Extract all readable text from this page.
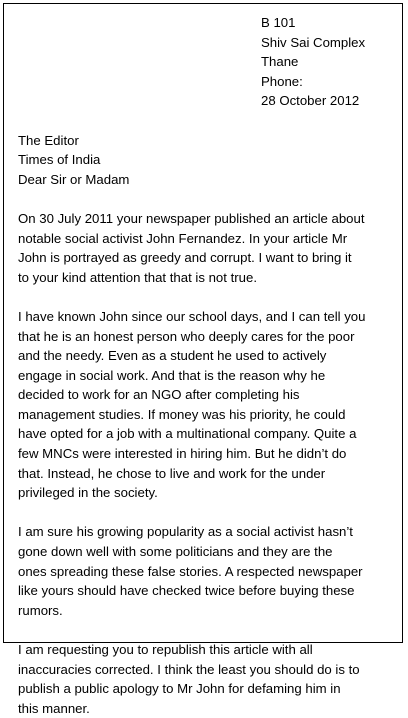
B 101
Shiv Sai Complex
Thane
Phone:
28 October 2012
The Editor
Times of India
Dear Sir or Madam

On 30 July 2011 your newspaper published an article about
notable social activist John Fernandez. In your article Mr
John is portrayed as greedy and corrupt. I want to bring it
to your kind attention that that is not true.

I have known John since our school days, and I can tell you
that he is an honest person who deeply cares for the poor
and the needy. Even as a student he used to actively
engage in social work. And that is the reason why he
decided to work for an NGO after completing his
management studies. If money was his priority, he could
have opted for a job with a multinational company. Quite a
few MNCs were interested in hiring him. But he didn’t do
that. Instead, he chose to live and work for the under
privileged in the society.

I am sure his growing popularity as a social activist hasn’t
gone down well with some politicians and they are the
ones spreading these false stories. A respected newspaper
like yours should have checked twice before buying these
rumors.

I am requesting you to republish this article with all
inaccuracies corrected. I think the least you should do is to
publish a public apology to Mr John for defaming him in
this manner.
